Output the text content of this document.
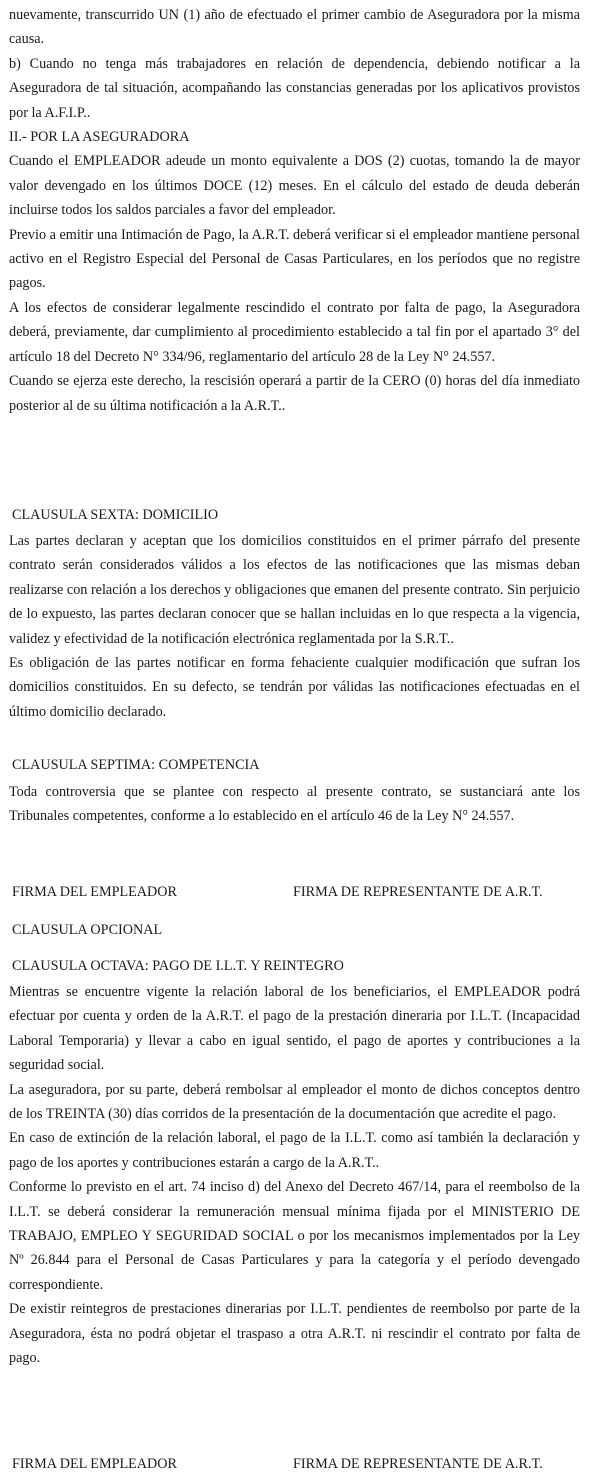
nuevamente, transcurrido UN (1) año de efectuado el primer cambio de Aseguradora por la misma causa.

b) Cuando no tenga más trabajadores en relación de dependencia, debiendo notificar a la Aseguradora de tal situación, acompañando las constancias generadas por los aplicativos provistos por la A.F.I.P..

II.- POR LA ASEGURADORA

Cuando el EMPLEADOR adeude un monto equivalente a DOS (2) cuotas, tomando la de mayor valor devengado en los últimos DOCE (12) meses. En el cálculo del estado de deuda deberán incluirse todos los saldos parciales a favor del empleador.

Previo a emitir una Intimación de Pago, la A.R.T. deberá verificar si el empleador mantiene personal activo en el Registro Especial del Personal de Casas Particulares, en los períodos que no registre pagos.

A los efectos de considerar legalmente rescindido el contrato por falta de pago, la Aseguradora deberá, previamente, dar cumplimiento al procedimiento establecido a tal fin por el apartado 3° del artículo 18 del Decreto N° 334/96, reglamentario del artículo 28 de la Ley N° 24.557.

Cuando se ejerza este derecho, la rescisión operará a partir de la CERO (0) horas del día inmediato posterior al de su última notificación a la A.R.T..

CLAUSULA SEXTA: DOMICILIO

Las partes declaran y aceptan que los domicilios constituidos en el primer párrafo del presente contrato serán considerados válidos a los efectos de las notificaciones que las mismas deban realizarse con relación a los derechos y obligaciones que emanen del presente contrato. Sin perjuicio de lo expuesto, las partes declaran conocer que se hallan incluidas en lo que respecta a la vigencia, validez y efectividad de la notificación electrónica reglamentada por la S.R.T..

Es obligación de las partes notificar en forma fehaciente cualquier modificación que sufran los domicilios constituidos. En su defecto, se tendrán por válidas las notificaciones efectuadas en el último domicilio declarado.

CLAUSULA SEPTIMA: COMPETENCIA

Toda controversia que se plantee con respecto al presente contrato, se sustanciará ante los Tribunales competentes, conforme a lo establecido en el artículo 46 de la Ley N° 24.557.

FIRMA DEL EMPLEADOR	FIRMA DE REPRESENTANTE DE A.R.T.
CLAUSULA OPCIONAL
CLAUSULA OCTAVA: PAGO DE I.L.T. Y REINTEGRO

Mientras se encuentre vigente la relación laboral de los beneficiarios, el EMPLEADOR podrá efectuar por cuenta y orden de la A.R.T. el pago de la prestación dineraria por I.L.T. (Incapacidad Laboral Temporaria) y llevar a cabo en igual sentido, el pago de aportes y contribuciones a la seguridad social.

La aseguradora, por su parte, deberá rembolsar al empleador el monto de dichos conceptos dentro de los TREINTA (30) días corridos de la presentación de la documentación que acredite el pago.

En caso de extinción de la relación laboral, el pago de la I.L.T. como así también la declaración y pago de los aportes y contribuciones estarán a cargo de la A.R.T..

Conforme lo previsto en el art. 74 inciso d) del Anexo del Decreto 467/14, para el reembolso de la I.L.T. se deberá considerar la remuneración mensual mínima fijada por el MINISTERIO DE TRABAJO, EMPLEO Y SEGURIDAD SOCIAL o por los mecanismos implementados por la Ley Nº 26.844 para el Personal de Casas Particulares y para la categoría y el período devengado correspondiente.

De existir reintegros de prestaciones dinerarias por I.L.T. pendientes de reembolso por parte de la Aseguradora, ésta no podrá objetar el traspaso a otra A.R.T. ni rescindir el contrato por falta de pago.

FIRMA DEL EMPLEADOR	FIRMA DE REPRESENTANTE DE A.R.T.
